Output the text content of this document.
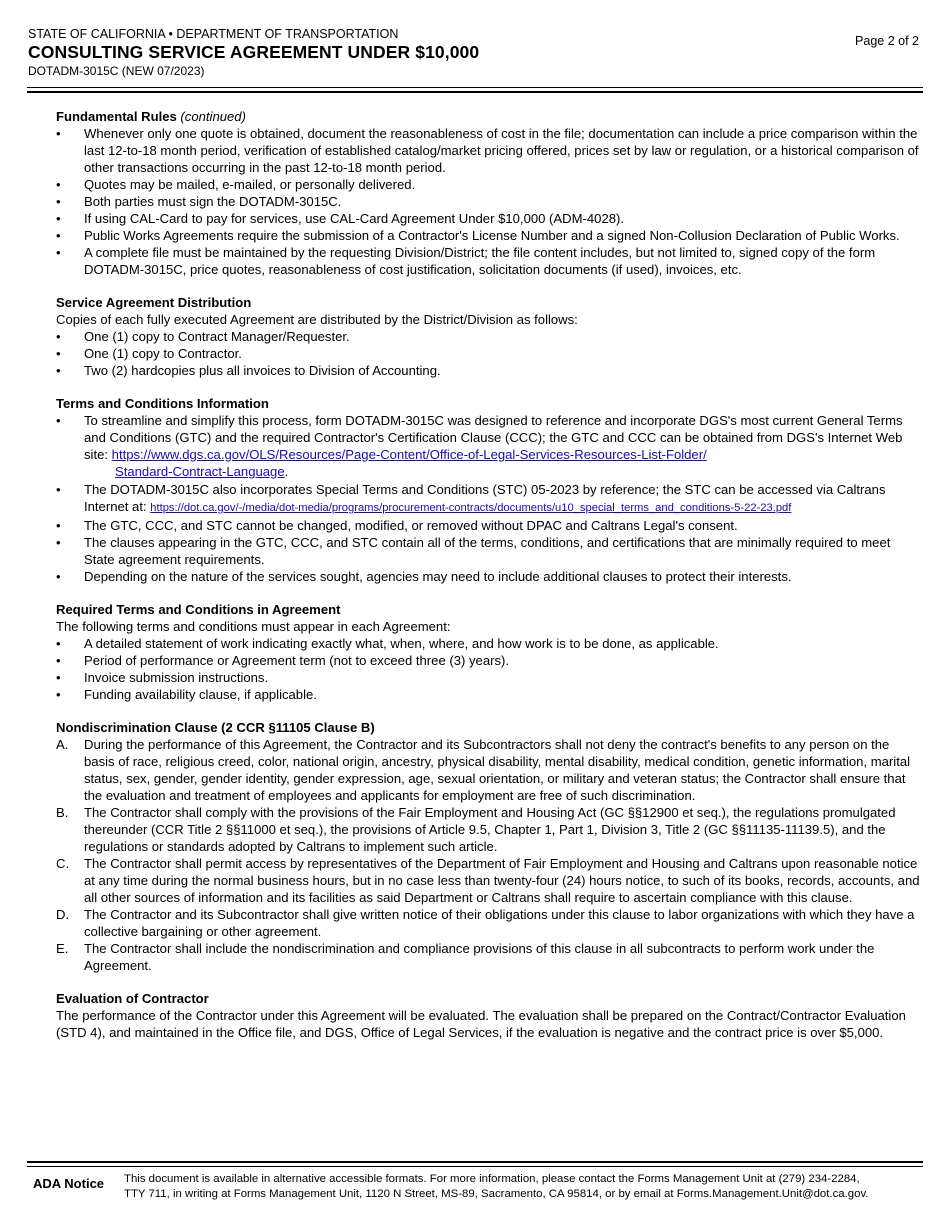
STATE OF CALIFORNIA • DEPARTMENT OF TRANSPORTATION
CONSULTING SERVICE AGREEMENT UNDER $10,000
DOTADM-3015C (NEW 07/2023)
Page 2 of 2
Fundamental Rules (continued)
• Whenever only one quote is obtained, document the reasonableness of cost in the file; documentation can include a price comparison within the last 12-to-18 month period, verification of established catalog/market pricing offered, prices set by law or regulation, or a historical comparison of other transactions occurring in the past 12-to-18 month period.
• Quotes may be mailed, e-mailed, or personally delivered.
• Both parties must sign the DOTADM-3015C.
• If using CAL-Card to pay for services, use CAL-Card Agreement Under $10,000 (ADM-4028).
• Public Works Agreements require the submission of a Contractor's License Number and a signed Non-Collusion Declaration of Public Works.
• A complete file must be maintained by the requesting Division/District; the file content includes, but not limited to, signed copy of the form DOTADM-3015C, price quotes, reasonableness of cost justification, solicitation documents (if used), invoices, etc.
Service Agreement Distribution
Copies of each fully executed Agreement are distributed by the District/Division as follows:
• One (1) copy to Contract Manager/Requester.
• One (1) copy to Contractor.
• Two (2) hardcopies plus all invoices to Division of Accounting.
Terms and Conditions Information
• To streamline and simplify this process, form DOTADM-3015C was designed to reference and incorporate DGS's most current General Terms and Conditions (GTC) and the required Contractor's Certification Clause (CCC); the GTC and CCC can be obtained from DGS's Internet Web site: https://www.dgs.ca.gov/OLS/Resources/Page-Content/Office-of-Legal-Services-Resources-List-Folder/
Standard-Contract-Language.
• The DOTADM-3015C also incorporates Special Terms and Conditions (STC) 05-2023 by reference; the STC can be accessed via Caltrans Internet at: https://dot.ca.gov/-/media/dot-media/programs/procurement-contracts/documents/u10_special_terms_and_conditions-5-22-23.pdf
• The GTC, CCC, and STC cannot be changed, modified, or removed without DPAC and Caltrans Legal's consent.
• The clauses appearing in the GTC, CCC, and STC contain all of the terms, conditions, and certifications that are minimally required to meet State agreement requirements.
• Depending on the nature of the services sought, agencies may need to include additional clauses to protect their interests.
Required Terms and Conditions in Agreement
The following terms and conditions must appear in each Agreement:
• A detailed statement of work indicating exactly what, when, where, and how work is to be done, as applicable.
• Period of performance or Agreement term (not to exceed three (3) years).
• Invoice submission instructions.
• Funding availability clause, if applicable.
Nondiscrimination Clause (2 CCR §11105 Clause B)
A. During the performance of this Agreement, the Contractor and its Subcontractors shall not deny the contract's benefits to any person on the basis of race, religious creed, color, national origin, ancestry, physical disability, mental disability, medical condition, genetic information, marital status, sex, gender, gender identity, gender expression, age, sexual orientation, or military and veteran status; the Contractor shall ensure that the evaluation and treatment of employees and applicants for employment are free of such discrimination.
B. The Contractor shall comply with the provisions of the Fair Employment and Housing Act (GC §§12900 et seq.), the regulations promulgated thereunder (CCR Title 2 §§11000 et seq.), the provisions of Article 9.5, Chapter 1, Part 1, Division 3, Title 2 (GC §§11135-11139.5), and the regulations or standards adopted by Caltrans to implement such article.
C. The Contractor shall permit access by representatives of the Department of Fair Employment and Housing and Caltrans upon reasonable notice at any time during the normal business hours, but in no case less than twenty-four (24) hours notice, to such of its books, records, accounts, and all other sources of information and its facilities as said Department or Caltrans shall require to ascertain compliance with this clause.
D. The Contractor and its Subcontractor shall give written notice of their obligations under this clause to labor organizations with which they have a collective bargaining or other agreement.
E. The Contractor shall include the nondiscrimination and compliance provisions of this clause in all subcontracts to perform work under the Agreement.
Evaluation of Contractor
The performance of the Contractor under this Agreement will be evaluated. The evaluation shall be prepared on the Contract/Contractor Evaluation (STD 4), and maintained in the Office file, and DGS, Office of Legal Services, if the evaluation is negative and the contract price is over $5,000.
ADA Notice This document is available in alternative accessible formats. For more information, please contact the Forms Management Unit at (279) 234-2284,
TTY 711, in writing at Forms Management Unit, 1120 N Street, MS-89, Sacramento, CA 95814, or by email at Forms.Management.Unit@dot.ca.gov.
